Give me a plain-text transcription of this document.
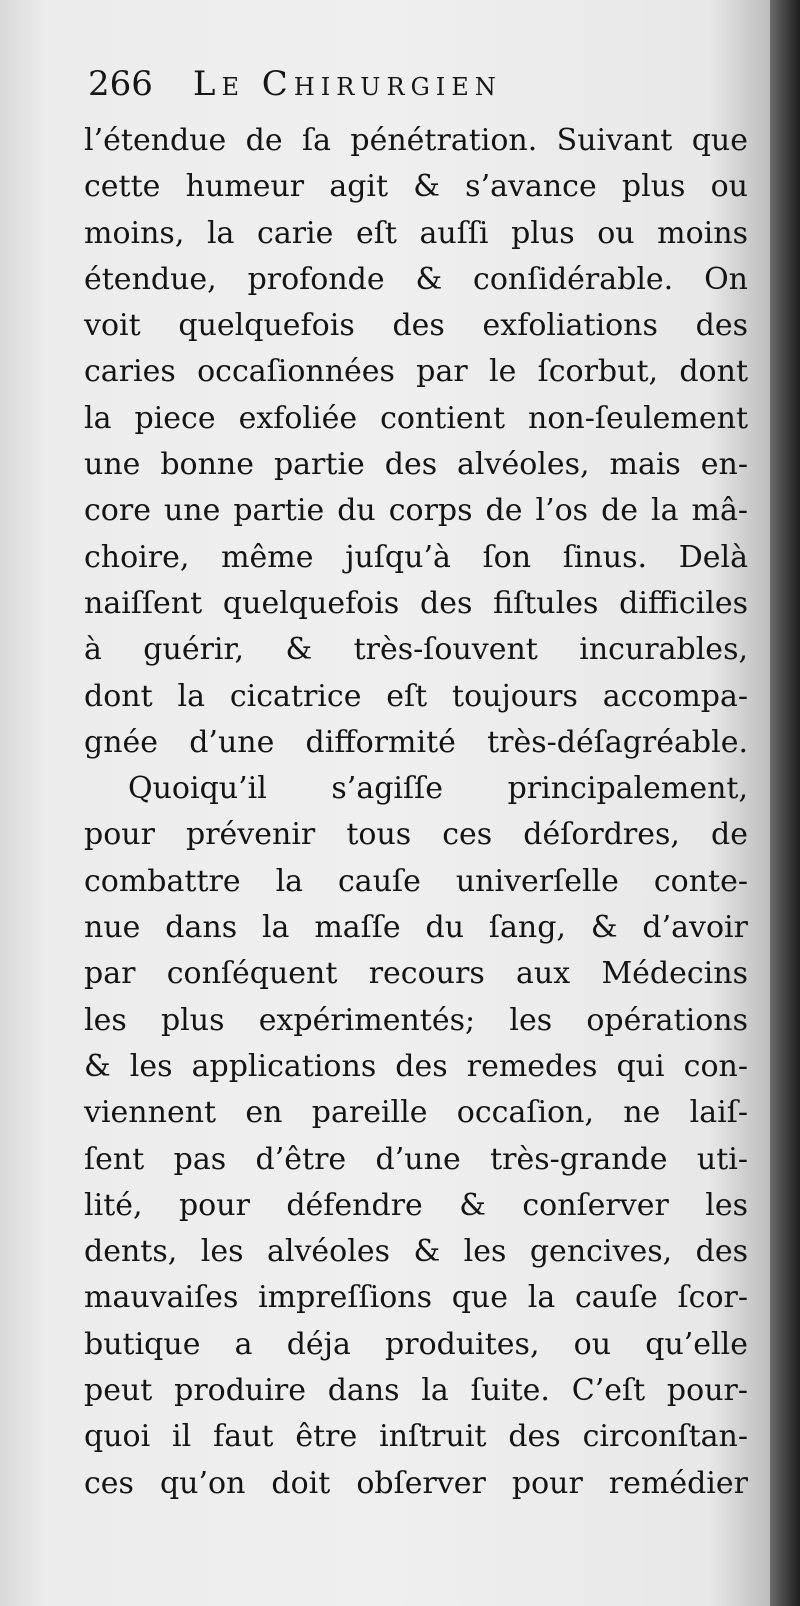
266 Le Chirurgien
l’étendue de ſa pénétration. Suivant que
cette humeur agit & s’avance plus ou
moins, la carie eſt auſſi plus ou moins
étendue, profonde & conſidérable. On
voit quelquefois des exfoliations des
caries occaſionnées par le ſcorbut, dont
la piece exfoliée contient non-ſeulement
une bonne partie des alvéoles, mais en-
core une partie du corps de l’os de la mâ-
choire, même juſqu’à ſon ſinus. Delà
naiſſent quelquefois des fiſtules difficiles
à guérir, & très-ſouvent incurables,
dont la cicatrice eſt toujours accompa-
gnée d’une difformité très-déſagréable.
Quoiqu’il s’agiſſe principalement,
pour prévenir tous ces déſordres, de
combattre la cauſe univerſelle conte-
nue dans la maſſe du ſang, & d’avoir
par conſéquent recours aux Médecins
les plus expérimentés; les opérations
& les applications des remedes qui con-
viennent en pareille occaſion, ne laiſ-
ſent pas d’être d’une très-grande uti-
lité, pour défendre & conſerver les
dents, les alvéoles & les gencives, des
mauvaiſes impreſſions que la cauſe ſcor-
butique a déja produites, ou qu’elle
peut produire dans la ſuite. C’eſt pour-
quoi il faut être inſtruit des circonſtan-
ces qu’on doit obſerver pour remédier
